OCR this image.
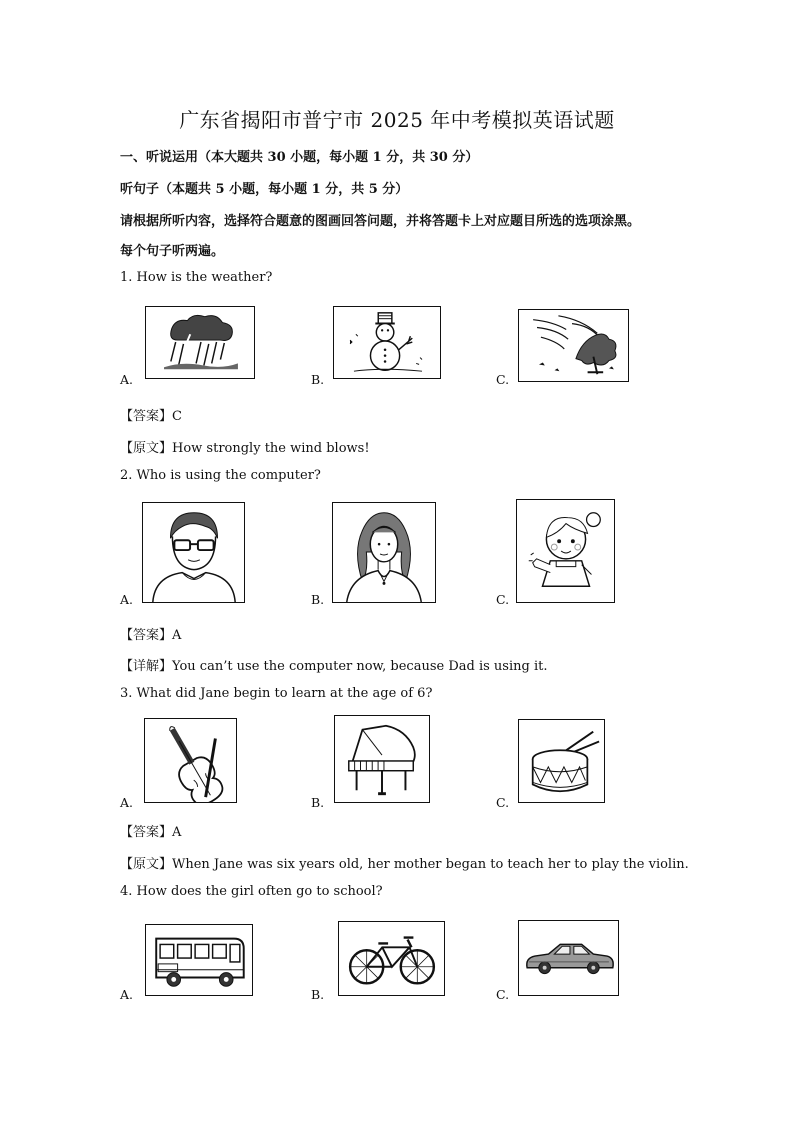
广东省揭阳市普宁市 2025 年中考模拟英语试题
一、听说运用（本大题共 30 小题，每小题 1 分，共 30 分）
听句子（本题共 5 小题，每小题 1 分，共 5 分）
请根据所听内容，选择符合题意的图画回答问题，并将答题卡上对应题目所选的选项涂黑。
每个句子听两遍。
1. How is the weather?
A.	B.	C.
【答案】C
【原文】How strongly the wind blows!
2. Who is using the computer?
A.	B.	C.
【答案】A
【详解】You can’t use the computer now, because Dad is using it.
3. What did Jane begin to learn at the age of 6?
A.	B.	C.
【答案】A
【原文】When Jane was six years old, her mother began to teach her to play the violin.
4. How does the girl often go to school?
A.	B.	C.
